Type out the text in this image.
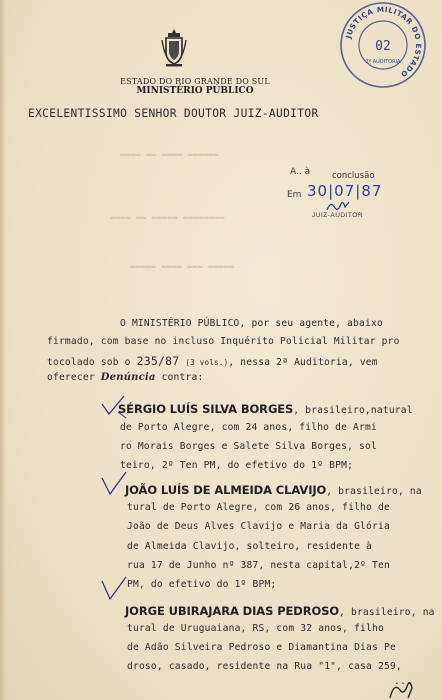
▬▬▬▬ ▬▬ ▬▬▬▬ ▬▬▬▬▬▬
▬▬▬▬ ▬▬ ▬▬▬▬▬ ▬▬▬▬▬▬▬▬
▬▬▬▬▬ ▬▬▬▬ ▬▬▬ ▬▬▬▬▬
ESTADO DO RIO GRANDE DO SUL
MINISTÉRIO PÚBLICO
EXCELENTISSIMO SENHOR DOUTOR JUIZ-AUDITOR
JUSTIÇA MILITAR DO ESTADO
02
2ª AUDITORIA
A.. à	conclusão
Em 30|07|87
JUIZ-AUDITOR
O MINISTÉRIO PÚBLICO, por seu agente, abaixo
firmado, com base no incluso Inquérito Policial Militar pro
tocolado sob o 235/87 (3 vols.), nessa 2ª Auditoria, vem
oferecer Denúncia contra:
SÉRGIO LUÍS SILVA BORGES, brasileiro,natural
de Porto Alegre, com 24 anos, filho de Armi
ro Morais Borges e Salete Silva Borges, sol
teiro, 2º Ten PM, do efetivo do 1º BPM;
JOÃO LUÍS DE ALMEIDA CLAVIJO, brasileiro, na
tural de Porto Alegre, com 26 anos, filho de
João de Deus Alves Clavijo e Maria da Glória
de Almeida Clavijo, solteiro, residente à
rua 17 de Junho nº 387, nesta capital,2º Ten
PM, do efetivo do 1º BPM;
JORGE UBIRAJARA DIAS PEDROSO, brasileiro, na
tural de Uruguaiana, RS, com 32 anos, filho
de Adão Silveira Pedroso e Diamantina Dias Pe
droso, casado, residente na Rua "1", casa 259,
...
